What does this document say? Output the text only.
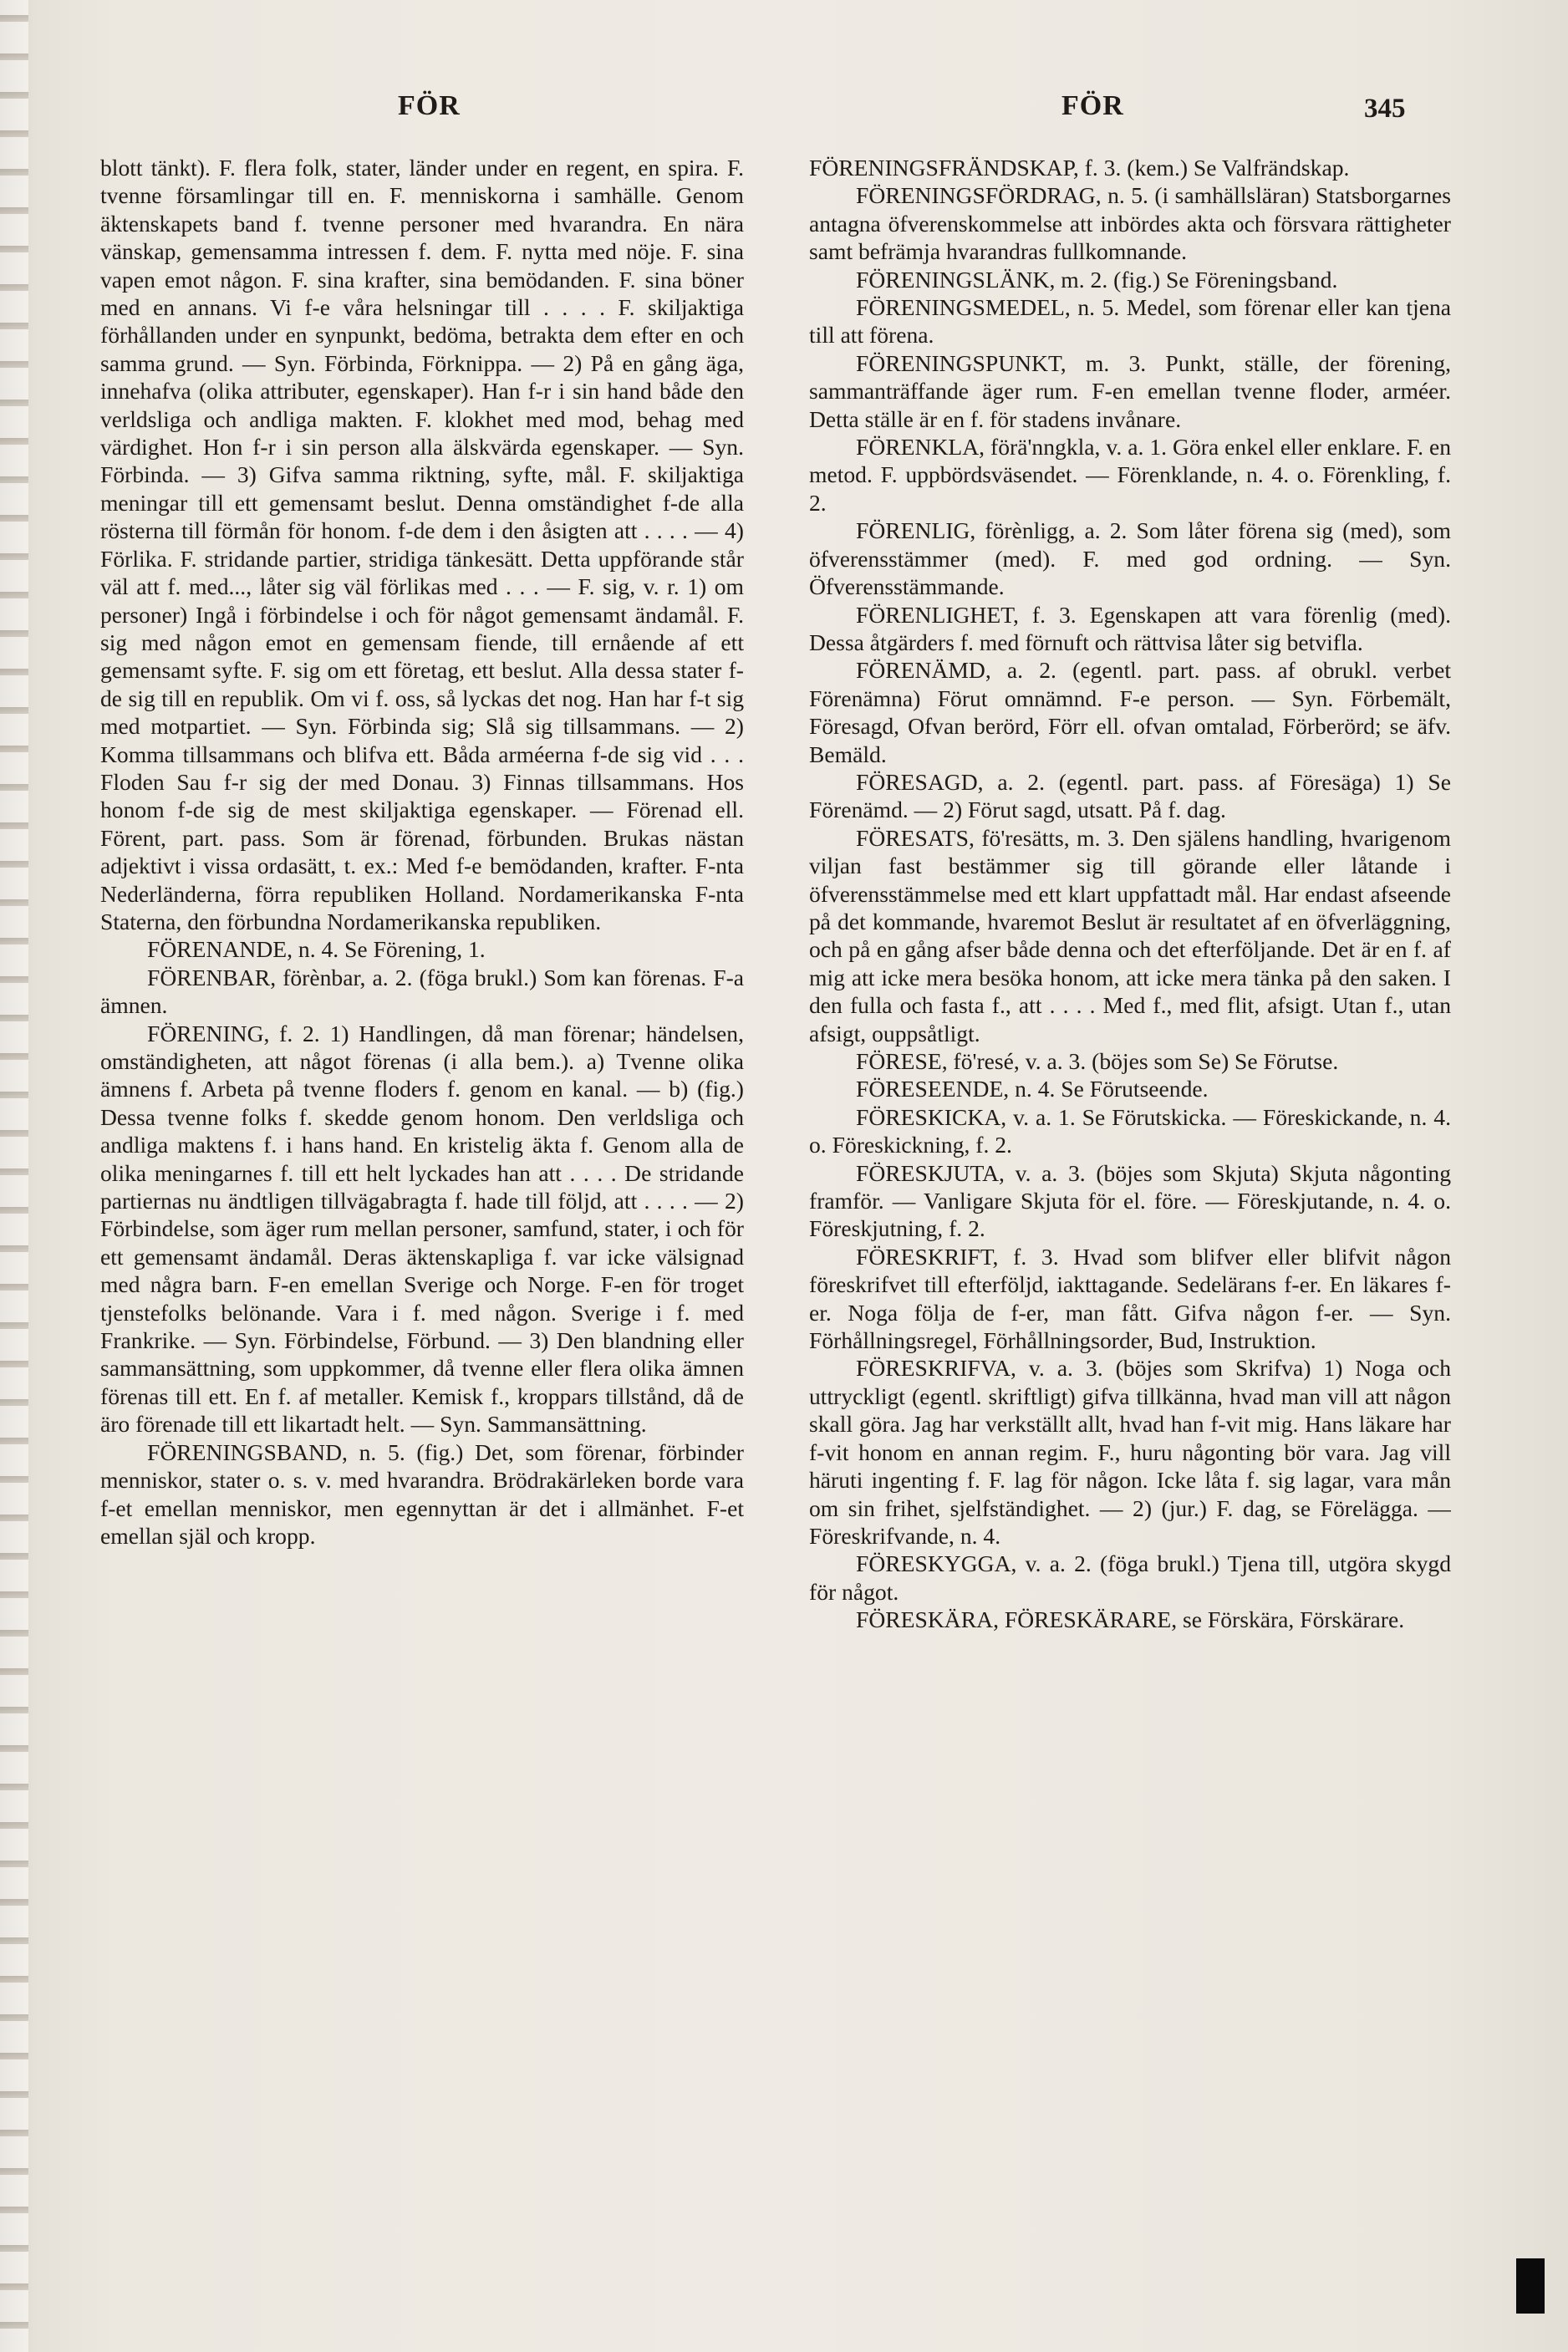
FÖR	FÖR	345

blott tänkt). F. flera folk, stater, länder under en regent, en spira. F. tvenne församlingar till en. F. menniskorna i samhälle. Genom äktenskapets band f. tvenne personer med hvarandra. En nära vänskap, gemensamma intressen f. dem. F. nytta med nöje. F. sina vapen emot någon. F. sina krafter, sina bemödanden. F. sina böner med en annans. Vi f-e våra helsningar till . . . . F. skiljaktiga förhållanden under en synpunkt, bedöma, betrakta dem efter en och samma grund. — Syn. Förbinda, Förknippa. — 2) På en gång äga, innehafva (olika attributer, egenskaper). Han f-r i sin hand både den verldsliga och andliga makten. F. klokhet med mod, behag med värdighet. Hon f-r i sin person alla älskvärda egenskaper. — Syn. Förbinda. — 3) Gifva samma riktning, syfte, mål. F. skiljaktiga meningar till ett gemensamt beslut. Denna omständighet f-de alla rösterna till förmån för honom. f-de dem i den åsigten att . . . . — 4) Förlika. F. stridande partier, stridiga tänkesätt. Detta uppförande står väl att f. med..., låter sig väl förlikas med . . . — F. sig, v. r. 1) om personer) Ingå i förbindelse i och för något gemensamt ändamål. F. sig med någon emot en gemensam fiende, till ernående af ett gemensamt syfte. F. sig om ett företag, ett beslut. Alla dessa stater f-de sig till en republik. Om vi f. oss, så lyckas det nog. Han har f-t sig med motpartiet. — Syn. Förbinda sig; Slå sig tillsammans. — 2) Komma tillsammans och blifva ett. Båda arméerna f-de sig vid . . . Floden Sau f-r sig der med Donau. 3) Finnas tillsammans. Hos honom f-de sig de mest skiljaktiga egenskaper. — Förenad ell. Förent, part. pass. Som är förenad, förbunden. Brukas nästan adjektivt i vissa ordasätt, t. ex.: Med f-e bemödanden, krafter. F-nta Nederländerna, förra republiken Holland. Nordamerikanska F-nta Staterna, den förbundna Nordamerikanska republiken.

FÖRENANDE, n. 4. Se Förening, 1.

FÖRENBAR, förènbar, a. 2. (föga brukl.) Som kan förenas. F-a ämnen.

FÖRENING, f. 2. 1) Handlingen, då man förenar; händelsen, omständigheten, att något förenas (i alla bem.). a) Tvenne olika ämnens f. Arbeta på tvenne floders f. genom en kanal. — b) (fig.) Dessa tvenne folks f. skedde genom honom. Den verldsliga och andliga maktens f. i hans hand. En kristelig äkta f. Genom alla de olika meningarnes f. till ett helt lyckades han att . . . . De stridande partiernas nu ändtligen tillvägabragta f. hade till följd, att . . . . — 2) Förbindelse, som äger rum mellan personer, samfund, stater, i och för ett gemensamt ändamål. Deras äktenskapliga f. var icke välsignad med några barn. F-en emellan Sverige och Norge. F-en för troget tjenstefolks belönande. Vara i f. med någon. Sverige i f. med Frankrike. — Syn. Förbindelse, Förbund. — 3) Den blandning eller sammansättning, som uppkommer, då tvenne eller flera olika ämnen förenas till ett. En f. af metaller. Kemisk f., kroppars tillstånd, då de äro förenade till ett likartadt helt. — Syn. Sammansättning.

FÖRENINGSBAND, n. 5. (fig.) Det, som förenar, förbinder menniskor, stater o. s. v. med hvarandra. Brödrakärleken borde vara f-et emellan menniskor, men egennyttan är det i allmänhet. F-et emellan själ och kropp.

FÖRENINGSFRÄNDSKAP, f. 3. (kem.) Se Valfrändskap.

FÖRENINGSFÖRDRAG, n. 5. (i samhällsläran) Statsborgarnes antagna öfverenskommelse att inbördes akta och försvara rättigheter samt befrämja hvarandras fullkomnande.

FÖRENINGSLÄNK, m. 2. (fig.) Se Föreningsband.

FÖRENINGSMEDEL, n. 5. Medel, som förenar eller kan tjena till att förena.

FÖRENINGSPUNKT, m. 3. Punkt, ställe, der förening, sammanträffande äger rum. F-en emellan tvenne floder, arméer. Detta ställe är en f. för stadens invånare.

FÖRENKLA, förä'nngkla, v. a. 1. Göra enkel eller enklare. F. en metod. F. uppbördsväsendet. — Förenklande, n. 4. o. Förenkling, f. 2.

FÖRENLIG, förènligg, a. 2. Som låter förena sig (med), som öfverensstämmer (med). F. med god ordning. — Syn. Öfverensstämmande.

FÖRENLIGHET, f. 3. Egenskapen att vara förenlig (med). Dessa åtgärders f. med förnuft och rättvisa låter sig betvifla.

FÖRENÄMD, a. 2. (egentl. part. pass. af obrukl. verbet Förenämna) Förut omnämnd. F-e person. — Syn. Förbemält, Föresagd, Ofvan berörd, Förr ell. ofvan omtalad, Förberörd; se äfv. Bemäld.

FÖRESAGD, a. 2. (egentl. part. pass. af Föresäga) 1) Se Förenämd. — 2) Förut sagd, utsatt. På f. dag.

FÖRESATS, fö'resätts, m. 3. Den själens handling, hvarigenom viljan fast bestämmer sig till görande eller låtande i öfverensstämmelse med ett klart uppfattadt mål. Har endast afseende på det kommande, hvaremot Beslut är resultatet af en öfverläggning, och på en gång afser både denna och det efterföljande. Det är en f. af mig att icke mera besöka honom, att icke mera tänka på den saken. I den fulla och fasta f., att . . . . Med f., med flit, afsigt. Utan f., utan afsigt, ouppsåtligt.

FÖRESE, fö'resé, v. a. 3. (böjes som Se) Se Förutse.

FÖRESEENDE, n. 4. Se Förutseende.

FÖRESKICKA, v. a. 1. Se Förutskicka. — Föreskickande, n. 4. o. Föreskickning, f. 2.

FÖRESKJUTA, v. a. 3. (böjes som Skjuta) Skjuta någonting framför. — Vanligare Skjuta för el. före. — Föreskjutande, n. 4. o. Föreskjutning, f. 2.

FÖRESKRIFT, f. 3. Hvad som blifver eller blifvit någon föreskrifvet till efterföljd, iakttagande. Sedelärans f-er. En läkares f-er. Noga följa de f-er, man fått. Gifva någon f-er. — Syn. Förhållningsregel, Förhållningsorder, Bud, Instruktion.

FÖRESKRIFVA, v. a. 3. (böjes som Skrifva) 1) Noga och uttryckligt (egentl. skriftligt) gifva tillkänna, hvad man vill att någon skall göra. Jag har verkställt allt, hvad han f-vit mig. Hans läkare har f-vit honom en annan regim. F., huru någonting bör vara. Jag vill häruti ingenting f. F. lag för någon. Icke låta f. sig lagar, vara mån om sin frihet, sjelfständighet. — 2) (jur.) F. dag, se Förelägga. — Föreskrifvande, n. 4.

FÖRESKYGGA, v. a. 2. (föga brukl.) Tjena till, utgöra skygd för något.

FÖRESKÄRA, FÖRESKÄRARE, se Förskära, Förskärare.
